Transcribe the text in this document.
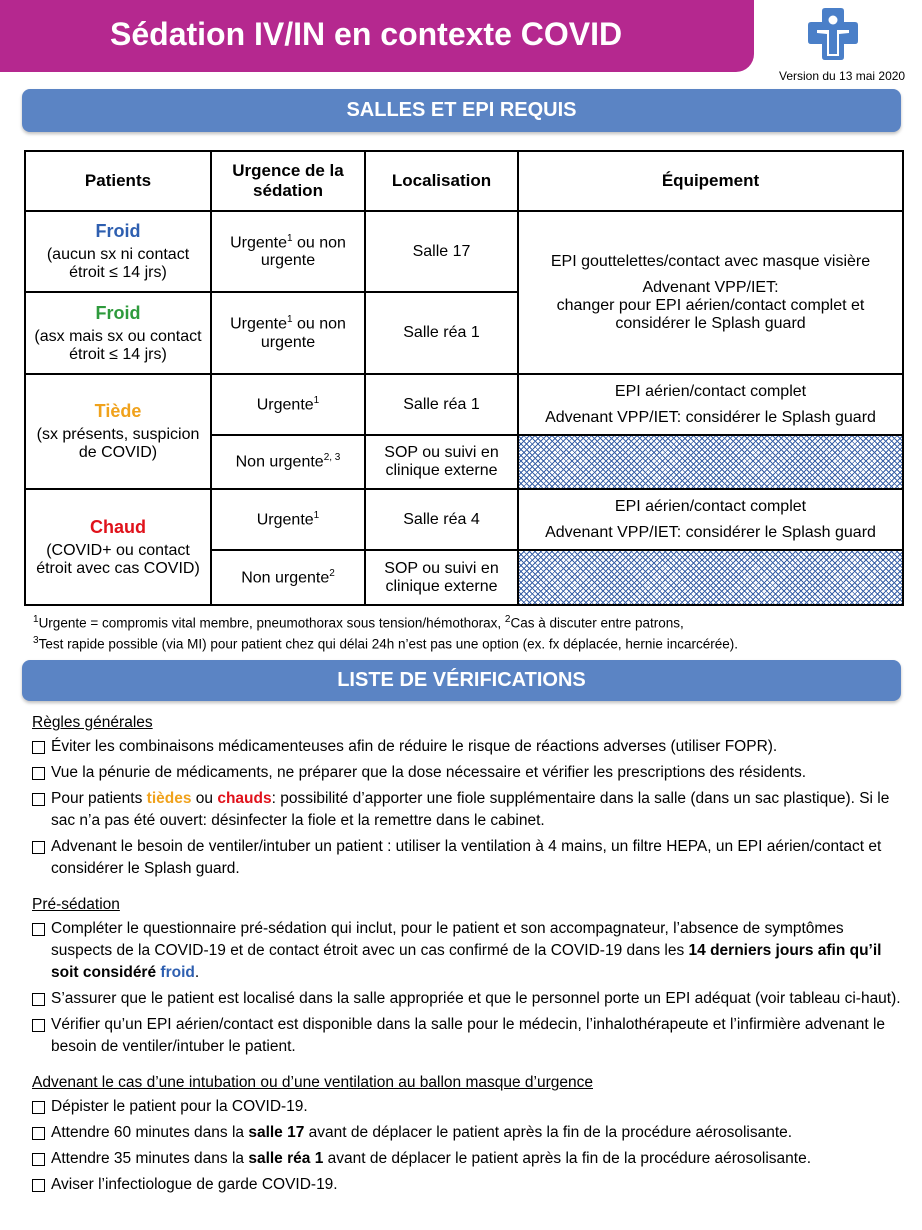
Sédation IV/IN en contexte COVID
Version du 13 mai 2020
SALLES ET EPI REQUIS
Patients	Urgence de la sédation	Localisation	Équipement

Froid
(aucun sx ni contact étroit ≤ 14 jrs)	Urgente$^1$ ou non urgente	Salle 17	EPI gouttelettes/contact avec masque visière
Advenant VPP/IET:
changer pour EPI aérien/contact complet et considérer le Splash guard

Froid
(asx mais sx ou contact étroit ≤ 14 jrs)	Urgente$^1$ ou non urgente	Salle réa 1	

Tiède
(sx présents, suspicion de COVID)	Urgente$^1$	Salle réa 1	EPI aérien/contact complet
Advenant VPP/IET: considérer le Splash guard

	Non urgente$^{2, 3}$	SOP ou suivi en clinique externe	

Chaud
(COVID+ ou contact étroit avec cas COVID)	Urgente$^1$	Salle réa 4	EPI aérien/contact complet
Advenant VPP/IET: considérer le Splash guard

	Non urgente$^2$	SOP ou suivi en clinique externe	
$^1$Urgente = compromis vital membre, pneumothorax sous tension/hémothorax, $^2$Cas à discuter entre patrons,
$^3$Test rapide possible (via MI) pour patient chez qui délai 24h n’est pas une option (ex. fx déplacée, hernie incarcérée).
LISTE DE VÉRIFICATIONS
Règles générales
Éviter les combinaisons médicamenteuses afin de réduire le risque de réactions adverses (utiliser FOPR).
Vue la pénurie de médicaments, ne préparer que la dose nécessaire et vérifier les prescriptions des résidents.
Pour patients tièdes ou chauds: possibilité d’apporter une fiole supplémentaire dans la salle (dans un sac plastique). Si le sac n’a pas été ouvert: désinfecter la fiole et la remettre dans le cabinet.
Advenant le besoin de ventiler/intuber un patient : utiliser la ventilation à 4 mains, un filtre HEPA, un EPI aérien/contact et considérer le Splash guard.
Pré-sédation
Compléter le questionnaire pré-sédation qui inclut, pour le patient et son accompagnateur, l’absence de symptômes suspects de la COVID-19 et de contact étroit avec un cas confirmé de la COVID-19 dans les 14 derniers jours afin qu’il soit considéré froid.
S’assurer que le patient est localisé dans la salle appropriée et que le personnel porte un EPI adéquat (voir tableau ci-haut).
Vérifier qu’un EPI aérien/contact est disponible dans la salle pour le médecin, l’inhalothérapeute et l’infirmière advenant le besoin de ventiler/intuber le patient.
Advenant le cas d’une intubation ou d’une ventilation au ballon masque d’urgence
Dépister le patient pour la COVID-19.
Attendre 60 minutes dans la salle 17 avant de déplacer le patient après la fin de la procédure aérosolisante.
Attendre 35 minutes dans la salle réa 1 avant de déplacer le patient après la fin de la procédure aérosolisante.
Aviser l’infectiologue de garde COVID-19.
